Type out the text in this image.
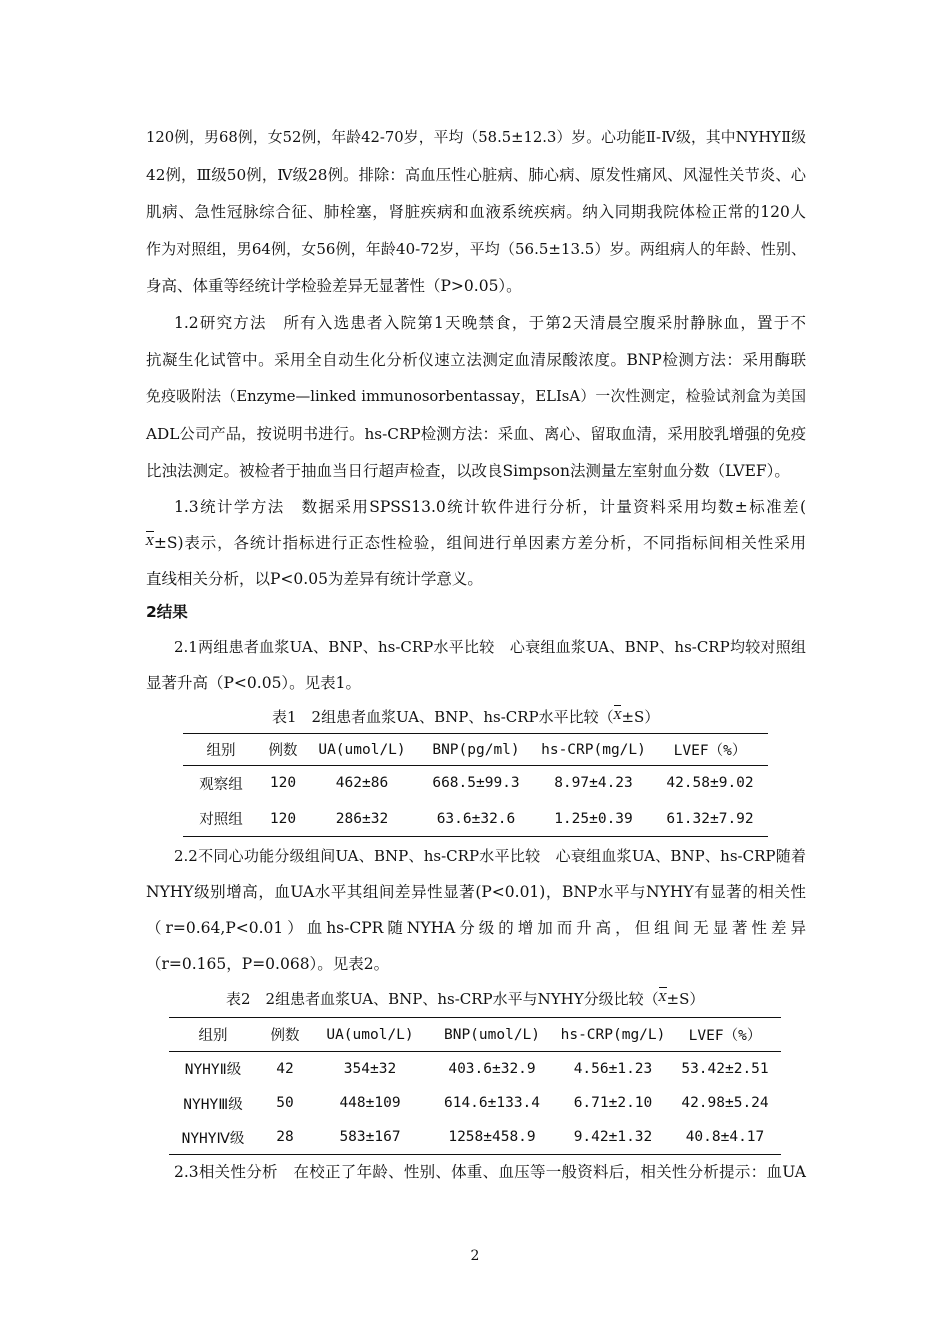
120例，男68例，女52例，年龄42-70岁，平均（58.5±12.3）岁。心功能Ⅱ-Ⅳ级，其中NYHYⅡ级
42例，Ⅲ级50例，Ⅳ级28例。排除：高血压性心脏病、肺心病、原发性痛风、风湿性关节炎、心
肌病、急性冠脉综合征、肺栓塞，肾脏疾病和血液系统疾病。纳入同期我院体检正常的120人
作为对照组，男64例，女56例，年龄40-72岁，平均（56.5±13.5）岁。两组病人的年龄、性别、
身高、体重等经统计学检验差异无显著性（P>0.05）。
1.2研究方法　所有入选患者入院第1天晚禁食，于第2天清晨空腹采肘静脉血，置于不
抗凝生化试管中。采用全自动生化分析仪速立法测定血清尿酸浓度。BNP检测方法：采用酶联
免疫吸附法（Enzyme—linked immunosorbentassay，ELIsA）一次性测定，检验试剂盒为美国
ADL公司产品，按说明书进行。hs-CRP检测方法：采血、离心、留取血清，采用胶乳增强的免疫
比浊法测定。被检者于抽血当日行超声检查，以改良Simpson法测量左室射血分数（LVEF）。
1.3统计学方法　数据采用SPSS13.0统计软件进行分析，计量资料采用均数±标准差(
X±S)表示，各统计指标进行正态性检验，组间进行单因素方差分析，不同指标间相关性采用
直线相关分析，以P<0.05为差异有统计学意义。
2结果
2.1两组患者血浆UA、BNP、hs-CRP水平比较　心衰组血浆UA、BNP、hs-CRP均较对照组
显著升高（P<0.05）。见表1。
表1　2组患者血浆UA、BNP、hs-CRP水平比较（X±S）
组别	例数	UA(umol/L)	BNP(pg/ml)	hs-CRP(mg/L)	LVEF（%）
观察组	120	462±86	668.5±99.3	8.97±4.23	42.58±9.02
对照组	120	286±32	63.6±32.6	1.25±0.39	61.32±7.92
2.2不同心功能分级组间UA、BNP、hs-CRP水平比较　心衰组血浆UA、BNP、hs-CRP随着
NYHY级别增高，血UA水平其组间差异性显著(P<0.01)，BNP水平与NYHY有显著的相关性
（r=0.64,P<0.01）血hs-CPR随NYHA分级的增加而升高，但组间无显著性差异
（r=0.165，P=0.068）。见表2。
表2　2组患者血浆UA、BNP、hs-CRP水平与NYHY分级比较（X±S）
组别	例数	UA(umol/L)	BNP(umol/L)	hs-CRP(mg/L)	LVEF（%）
NYHYⅡ级	42	354±32	403.6±32.9	4.56±1.23	53.42±2.51
NYHYⅢ级	50	448±109	614.6±133.4	6.71±2.10	42.98±5.24
NYHYⅣ级	28	583±167	1258±458.9	9.42±1.32	40.8±4.17
2.3相关性分析　在校正了年龄、性别、体重、血压等一般资料后，相关性分析提示：血UA
2
